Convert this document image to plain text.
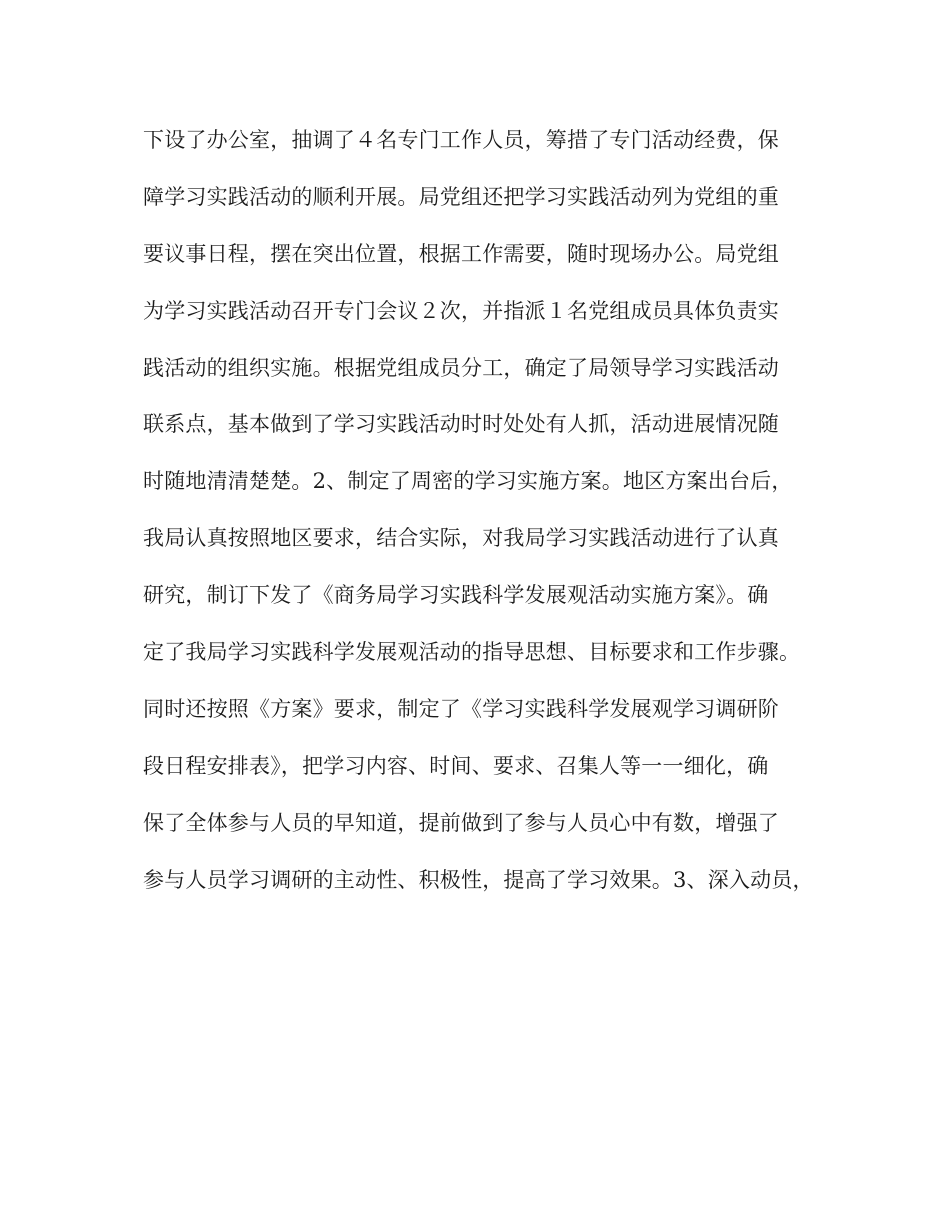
下设了办公室，抽调了４名专门工作人员，筹措了专门活动经费，保
障学习实践活动的顺利开展。局党组还把学习实践活动列为党组的重
要议事日程，摆在突出位置，根据工作需要，随时现场办公。局党组
为学习实践活动召开专门会议２次，并指派１名党组成员具体负责实
践活动的组织实施。根据党组成员分工，确定了局领导学习实践活动
联系点，基本做到了学习实践活动时时处处有人抓，活动进展情况随
时随地清清楚楚。2、制定了周密的学习实施方案。地区方案出台后，
我局认真按照地区要求，结合实际，对我局学习实践活动进行了认真
研究，制订下发了《商务局学习实践科学发展观活动实施方案》。确
定了我局学习实践科学发展观活动的指导思想、目标要求和工作步骤。
同时还按照《方案》要求，制定了《学习实践科学发展观学习调研阶
段日程安排表》，把学习内容、时间、要求、召集人等一一细化，确
保了全体参与人员的早知道，提前做到了参与人员心中有数，增强了
参与人员学习调研的主动性、积极性，提高了学习效果。3、深入动员，
